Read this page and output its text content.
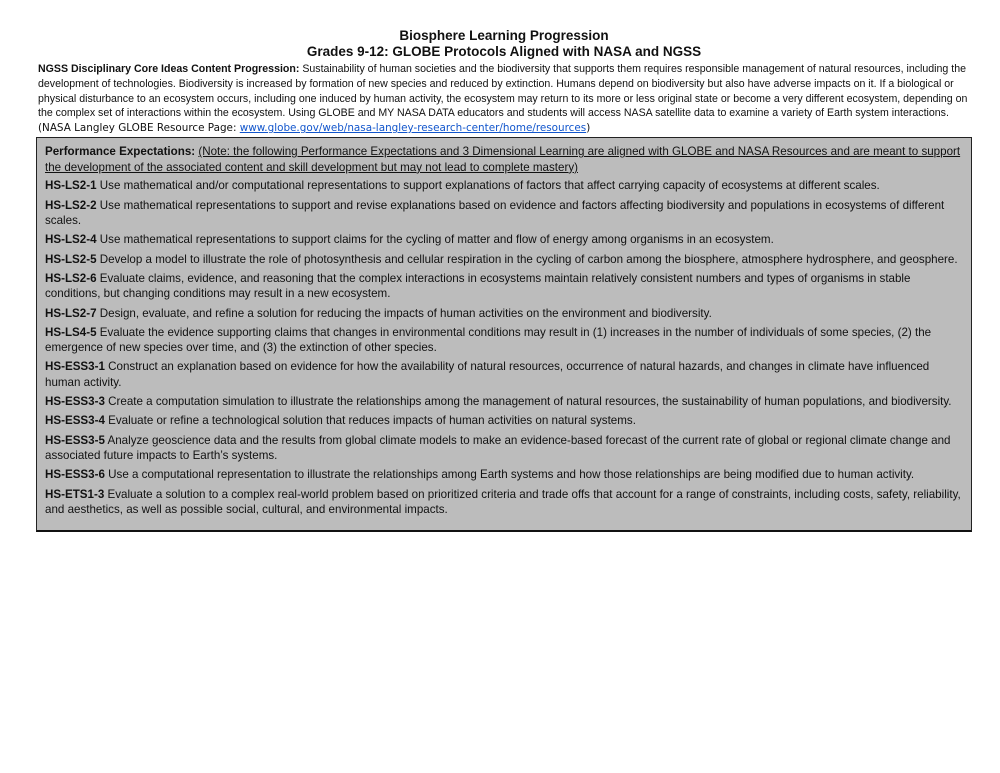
Biosphere Learning Progression
Grades 9-12: GLOBE Protocols Aligned with NASA and NGSS
NGSS Disciplinary Core Ideas Content Progression: Sustainability of human societies and the biodiversity that supports them requires responsible management of natural resources, including the development of technologies. Biodiversity is increased by formation of new species and reduced by extinction. Humans depend on biodiversity but also have adverse impacts on it. If a biological or physical disturbance to an ecosystem occurs, including one induced by human activity, the ecosystem may return to its more or less original state or become a very different ecosystem, depending on the complex set of interactions within the ecosystem. Using GLOBE and MY NASA DATA educators and students will access NASA satellite data to examine a variety of Earth system interactions.
(NASA Langley GLOBE Resource Page: www.globe.gov/web/nasa-langley-research-center/home/resources)
Performance Expectations: (Note: the following Performance Expectations and 3 Dimensional Learning are aligned with GLOBE and NASA Resources and are meant to support the development of the associated content and skill development but may not lead to complete mastery)
HS-LS2-1 Use mathematical and/or computational representations to support explanations of factors that affect carrying capacity of ecosystems at different scales.
HS-LS2-2 Use mathematical representations to support and revise explanations based on evidence and factors affecting biodiversity and populations in ecosystems of different scales.
HS-LS2-4 Use mathematical representations to support claims for the cycling of matter and flow of energy among organisms in an ecosystem.
HS-LS2-5 Develop a model to illustrate the role of photosynthesis and cellular respiration in the cycling of carbon among the biosphere, atmosphere hydrosphere, and geosphere.
HS-LS2-6 Evaluate claims, evidence, and reasoning that the complex interactions in ecosystems maintain relatively consistent numbers and types of organisms in stable conditions, but changing conditions may result in a new ecosystem.
HS-LS2-7 Design, evaluate, and refine a solution for reducing the impacts of human activities on the environment and biodiversity.
HS-LS4-5 Evaluate the evidence supporting claims that changes in environmental conditions may result in (1) increases in the number of individuals of some species, (2) the emergence of new species over time, and (3) the extinction of other species.
HS-ESS3-1 Construct an explanation based on evidence for how the availability of natural resources, occurrence of natural hazards, and changes in climate have influenced human activity.
HS-ESS3-3 Create a computation simulation to illustrate the relationships among the management of natural resources, the sustainability of human populations, and biodiversity.
HS-ESS3-4 Evaluate or refine a technological solution that reduces impacts of human activities on natural systems.
HS-ESS3-5 Analyze geoscience data and the results from global climate models to make an evidence-based forecast of the current rate of global or regional climate change and associated future impacts to Earth’s systems.
HS-ESS3-6 Use a computational representation to illustrate the relationships among Earth systems and how those relationships are being modified due to human activity.
HS-ETS1-3 Evaluate a solution to a complex real-world problem based on prioritized criteria and trade offs that account for a range of constraints, including costs, safety, reliability, and aesthetics, as well as possible social, cultural, and environmental impacts.
